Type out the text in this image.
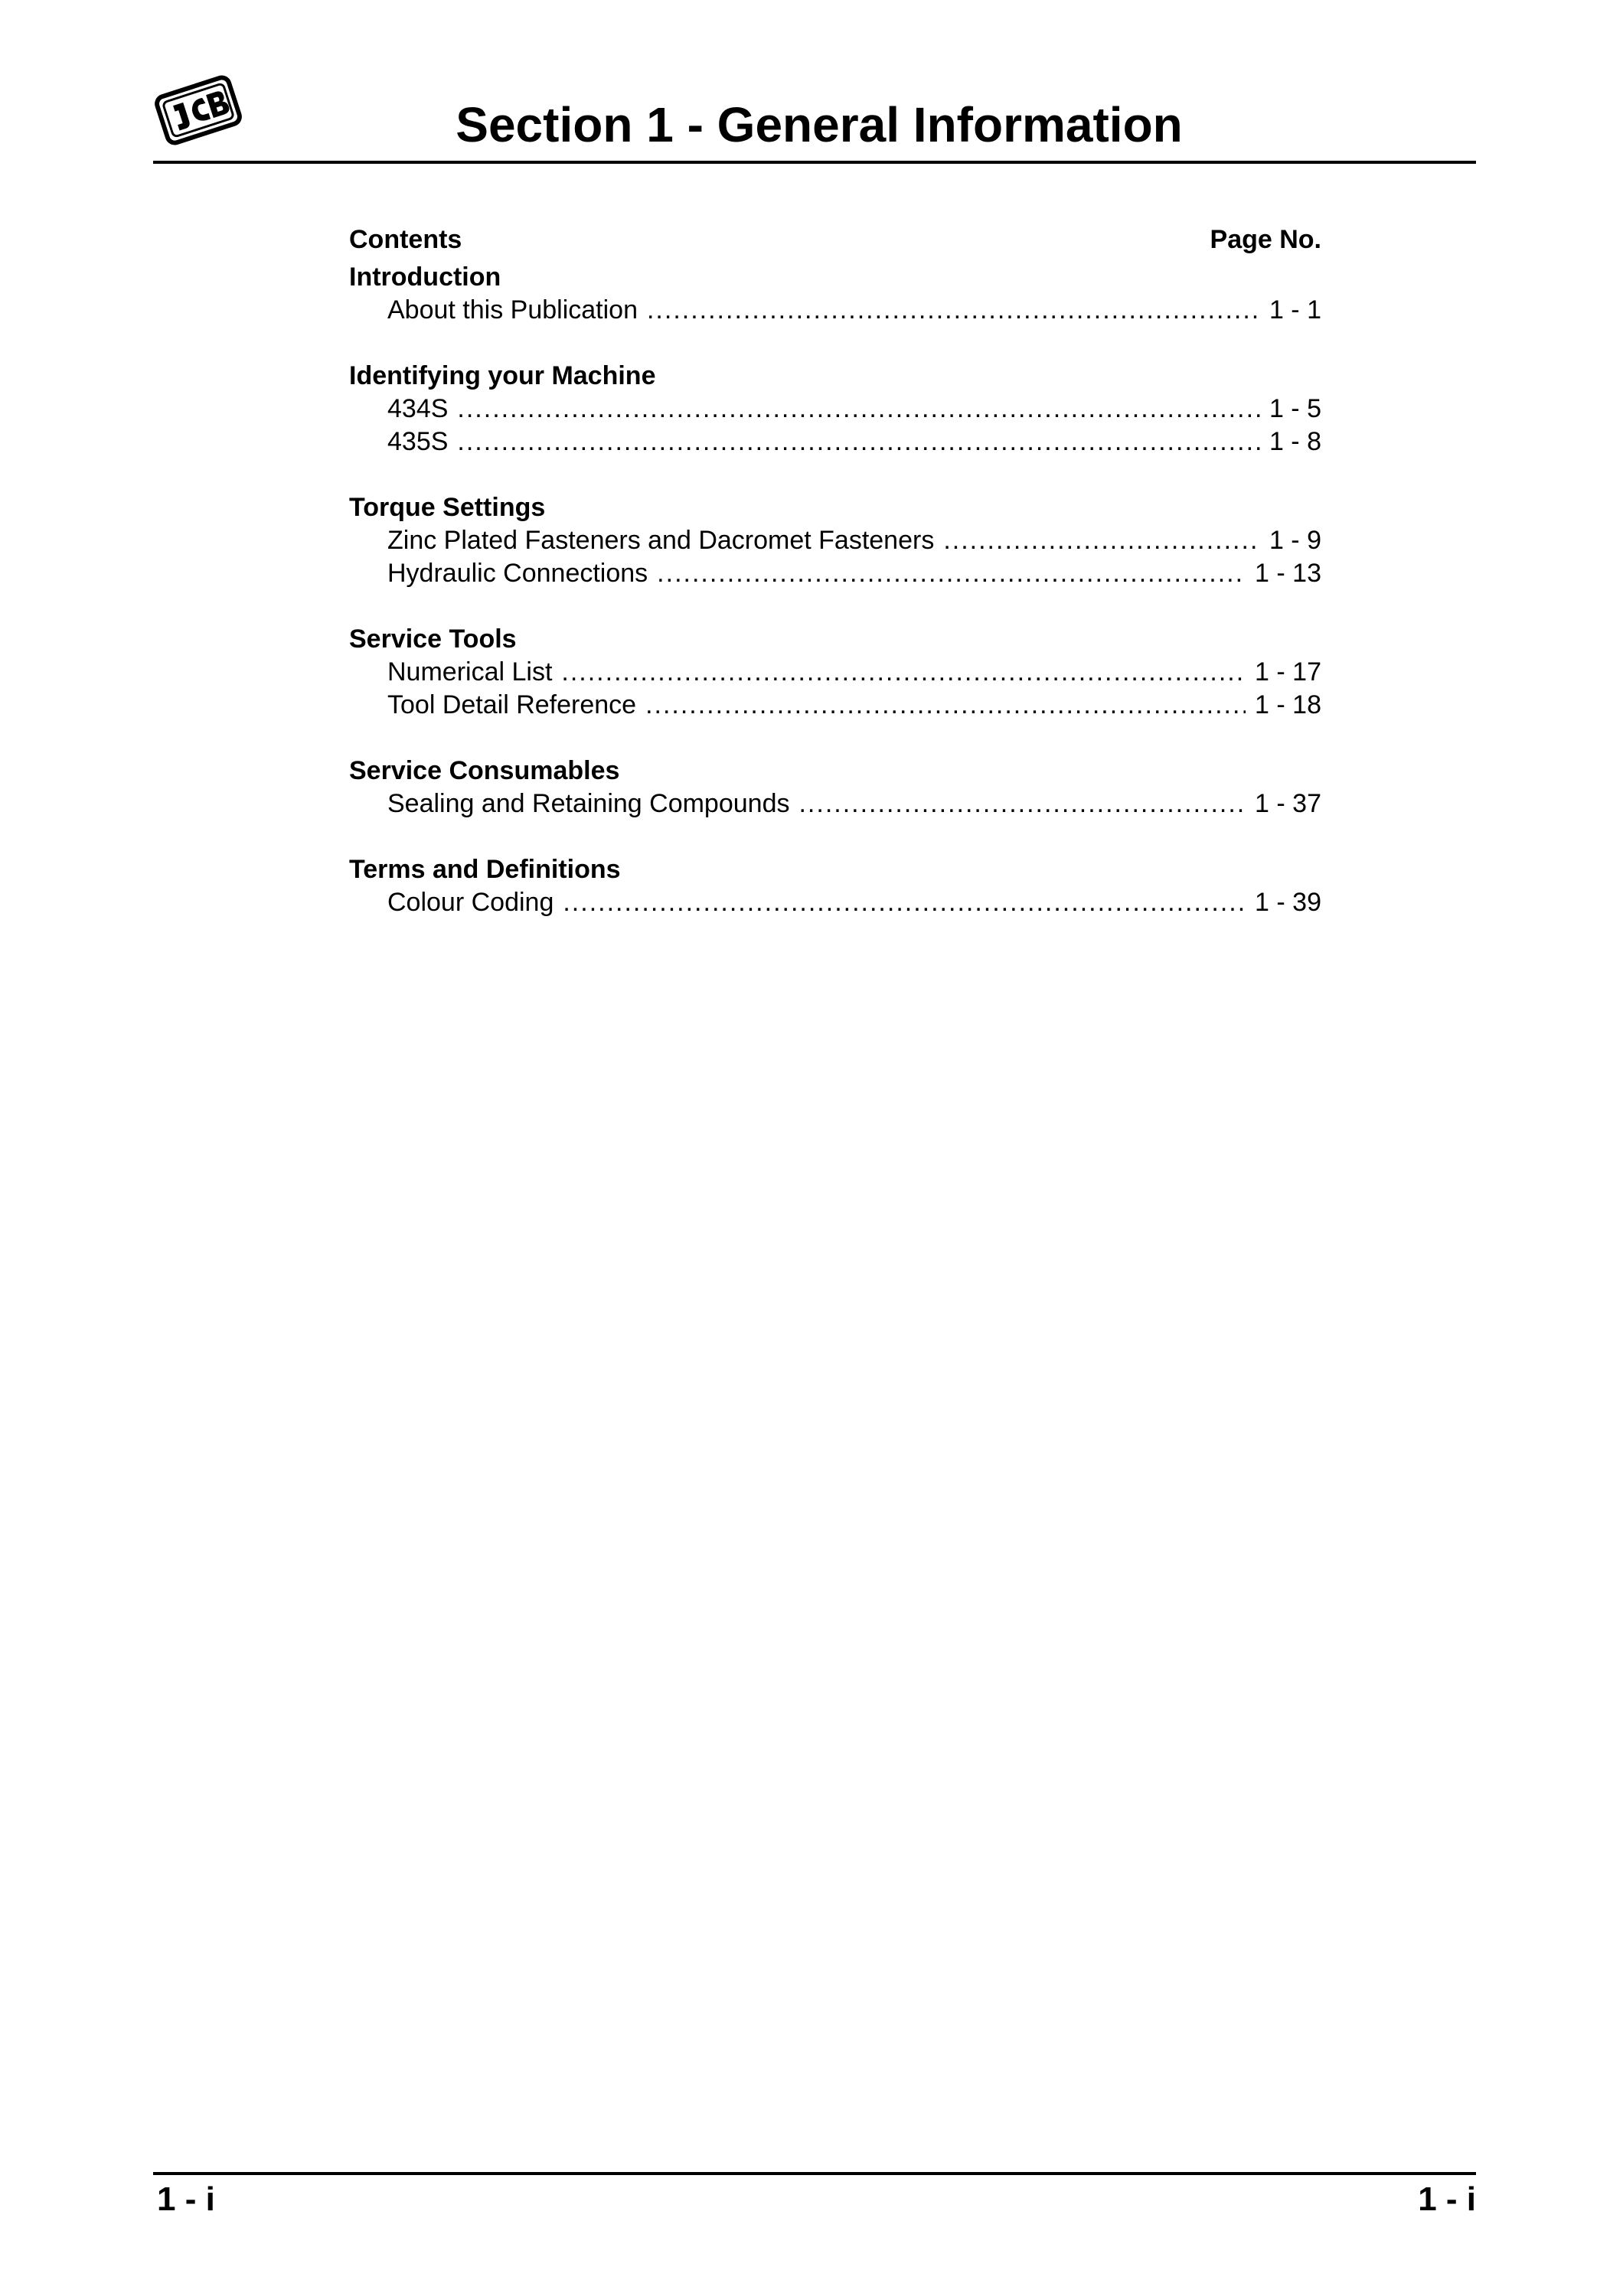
Section 1 - General Information
Contents	Page No.
Introduction
About this Publication .....	1 - 1
Identifying your Machine
434S .....	1 - 5
435S .....	1 - 8
Torque Settings
Zinc Plated Fasteners and Dacromet Fasteners .....	1 - 9
Hydraulic Connections .....	1 - 13
Service Tools
Numerical List .....	1 - 17
Tool Detail Reference .....	1 - 18
Service Consumables
Sealing and Retaining Compounds .....	1 - 37
Terms and Definitions
Colour Coding .....	1 - 39
1 - i	1 - i
